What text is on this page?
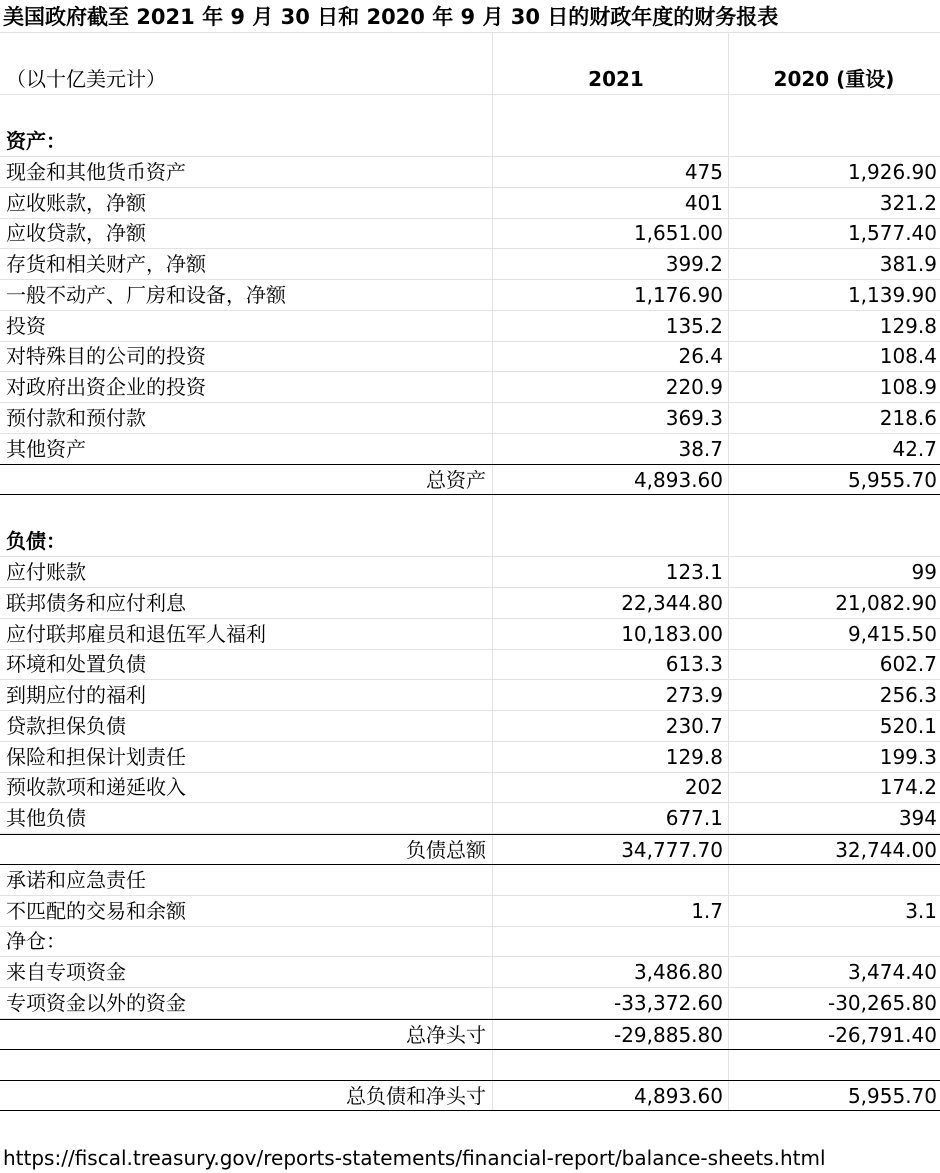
美国政府截至 2021 年 9 月 30 日和 2020 年 9 月 30 日的财政年度的财务报表
（以十亿美元计）	2021	2020 (重设)
资产：
现金和其他货币资产	475	1,926.90
应收账款，净额	401	321.2
应收贷款，净额	1,651.00	1,577.40
存货和相关财产，净额	399.2	381.9
一般不动产、厂房和设备，净额	1,176.90	1,139.90
投资	135.2	129.8
对特殊目的公司的投资	26.4	108.4
对政府出资企业的投资	220.9	108.9
预付款和预付款	369.3	218.6
其他资产	38.7	42.7
总资产	4,893.60	5,955.70
负债：
应付账款	123.1	99
联邦债务和应付利息	22,344.80	21,082.90
应付联邦雇员和退伍军人福利	10,183.00	9,415.50
环境和处置负债	613.3	602.7
到期应付的福利	273.9	256.3
贷款担保负债	230.7	520.1
保险和担保计划责任	129.8	199.3
预收款项和递延收入	202	174.2
其他负债	677.1	394
负债总额	34,777.70	32,744.00
承诺和应急责任
不匹配的交易和余额	1.7	3.1
净仓：
来自专项资金	3,486.80	3,474.40
专项资金以外的资金	-33,372.60	-30,265.80
总净头寸	-29,885.80	-26,791.40
总负债和净头寸	4,893.60	5,955.70
https://fiscal.treasury.gov/reports-statements/financial-report/balance-sheets.html
